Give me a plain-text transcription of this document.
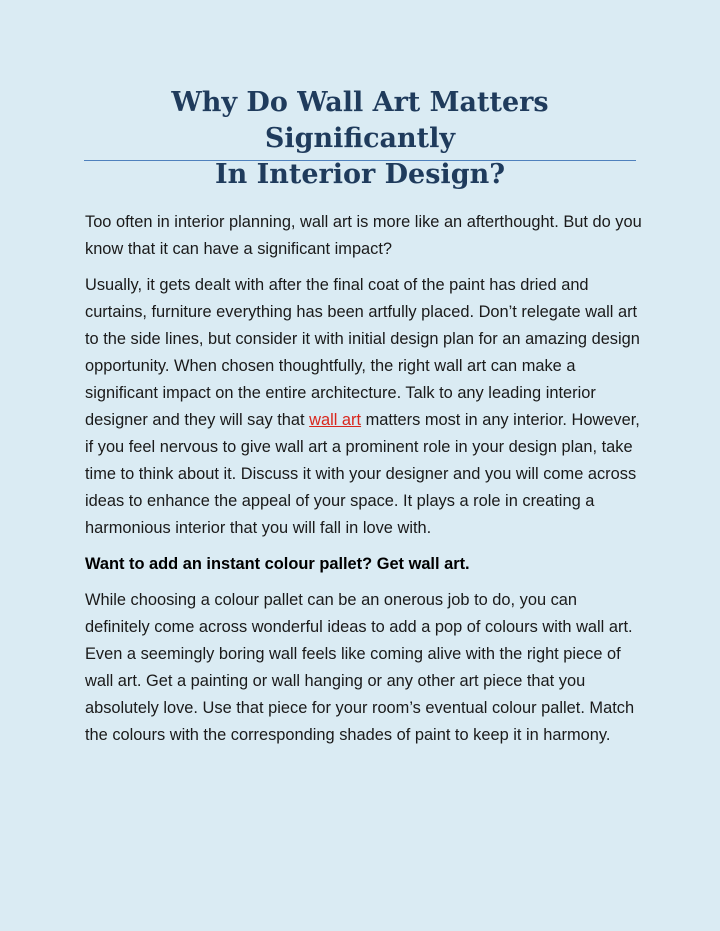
Why Do Wall Art Matters Significantly
In Interior Design?

Too often in interior planning, wall art is more like an afterthought. But do you know that it can have a significant impact?

Usually, it gets dealt with after the final coat of the paint has dried and curtains, furniture everything has been artfully placed. Don’t relegate wall art to the side lines, but consider it with initial design plan for an amazing design opportunity. When chosen thoughtfully, the right wall art can make a significant impact on the entire architecture. Talk to any leading interior designer and they will say that wall art matters most in any interior. However, if you feel nervous to give wall art a prominent role in your design plan, take time to think about it. Discuss it with your designer and you will come across ideas to enhance the appeal of your space. It plays a role in creating a harmonious interior that you will fall in love with.

Want to add an instant colour pallet? Get wall art.

While choosing a colour pallet can be an onerous job to do, you can definitely come across wonderful ideas to add a pop of colours with wall art. Even a seemingly boring wall feels like coming alive with the right piece of wall art. Get a painting or wall hanging or any other art piece that you absolutely love. Use that piece for your room’s eventual colour pallet. Match the colours with the corresponding shades of paint to keep it in harmony.
